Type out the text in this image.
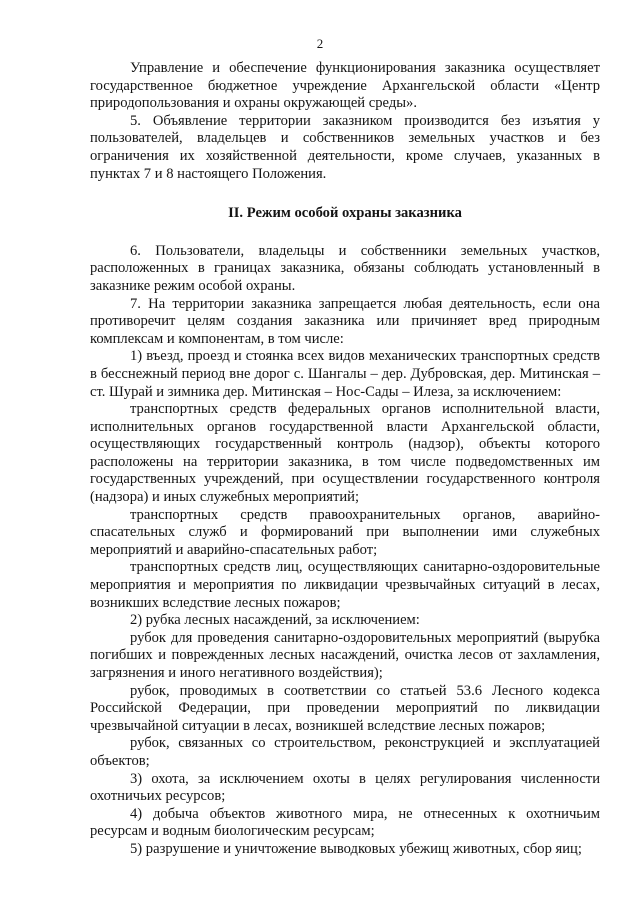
2

Управление и обеспечение функционирования заказника осуществляет государственное бюджетное учреждение Архангельской области «Центр природопользования и охраны окружающей среды».

5. Объявление территории заказником производится без изъятия у пользователей, владельцев и собственников земельных участков и без ограничения их хозяйственной деятельности, кроме случаев, указанных в пунктах 7 и 8 настоящего Положения.

II. Режим особой охраны заказника

6. Пользователи, владельцы и собственники земельных участков, расположенных в границах заказника, обязаны соблюдать установленный в заказнике режим особой охраны.

7. На территории заказника запрещается любая деятельность, если она противоречит целям создания заказника или причиняет вред природным комплексам и компонентам, в том числе:

1) въезд, проезд и стоянка всех видов механических транспортных средств в бесснежный период вне дорог с. Шангалы – дер. Дубровская, дер. Митинская – ст. Шурай и зимника дер. Митинская – Нос-Сады – Илеза, за исключением:

транспортных средств федеральных органов исполнительной власти, исполнительных органов государственной власти Архангельской области, осуществляющих государственный контроль (надзор), объекты которого расположены на территории заказника, в том числе подведомственных им государственных учреждений, при осуществлении государственного контроля (надзора) и иных служебных мероприятий;

транспортных средств правоохранительных органов, аварийно-спасательных служб и формирований при выполнении ими служебных мероприятий и аварийно-спасательных работ;

транспортных средств лиц, осуществляющих санитарно-оздоровительные мероприятия и мероприятия по ликвидации чрезвычайных ситуаций в лесах, возникших вследствие лесных пожаров;

2) рубка лесных насаждений, за исключением:

рубок для проведения санитарно-оздоровительных мероприятий (вырубка погибших и поврежденных лесных насаждений, очистка лесов от захламления, загрязнения и иного негативного воздействия);

рубок, проводимых в соответствии со статьей 53.6 Лесного кодекса Российской Федерации, при проведении мероприятий по ликвидации чрезвычайной ситуации в лесах, возникшей вследствие лесных пожаров;

рубок, связанных со строительством, реконструкцией и эксплуатацией объектов;

3) охота, за исключением охоты в целях регулирования численности охотничьих ресурсов;

4) добыча объектов животного мира, не отнесенных к охотничьим ресурсам и водным биологическим ресурсам;

5) разрушение и уничтожение выводковых убежищ животных, сбор яиц;
